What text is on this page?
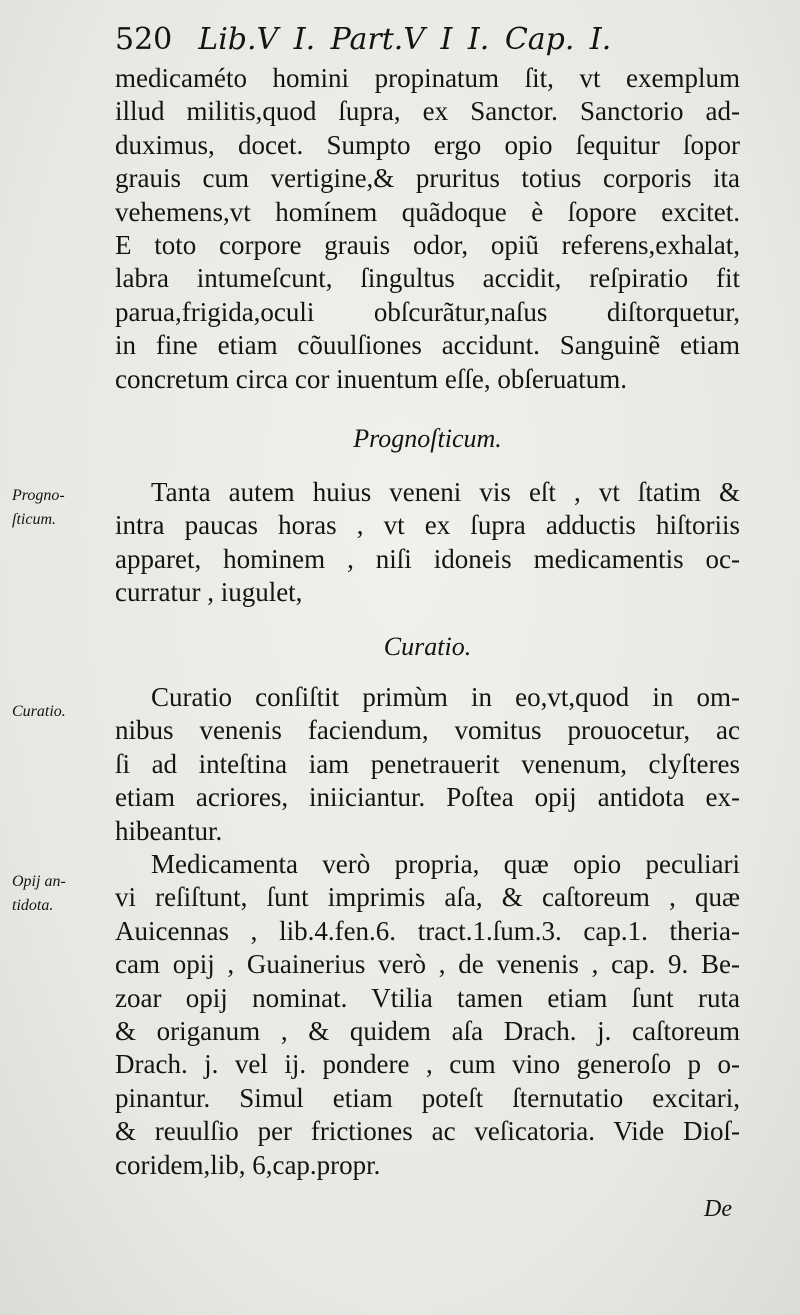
520 Lib.V I. Part.V I I. Cap. I.
medicaméto homini propinatum ſit, vt exemplum
illud militis,quod ſupra, ex Sanctor. Sanctorio ad-
duximus, docet. Sumpto ergo opio ſequitur ſopor
grauis cum vertigine,& pruritus totius corporis ita
vehemens,vt homínem quãdoque è ſopore excitet.
E toto corpore grauis odor, opiũ referens,exhalat,
labra intumeſcunt, ſingultus accidit, reſpiratio fit
parua,frigida,oculi obſcurãtur,naſus diſtorquetur,
in fine etiam cõuulſiones accidunt. Sanguinẽ etiam
concretum circa cor inuentum eſſe, obſeruatum.
Prognoſticum.
Progno-
ſticum.
Tanta autem huius veneni vis eſt , vt ſtatim &
intra paucas horas , vt ex ſupra adductis hiſtoriis
apparet, hominem , niſi idoneis medicamentis oc-
curratur , iugulet,
Curatio.
Curatio.	Curatio conſiſtit primùm in eo,vt,quod in om-
nibus venenis faciendum, vomitus prouocetur, ac
ſi ad inteſtina iam penetrauerit venenum, clyſteres
etiam acriores, iniiciantur. Poſtea opij antidota ex-
hibeantur.
Opij an-
tidota.
Medicamenta verò propria, quæ opio peculiari
vi reſiſtunt, ſunt imprimis aſa, & caſtoreum , quæ
Auicennas , lib.4.fen.6. tract.1.ſum.3. cap.1. theria-
cam opij , Guainerius verò , de venenis , cap. 9. Be-
zoar opij nominat. Vtilia tamen etiam ſunt ruta
& origanum , & quidem aſa Drach. j. caſtoreum
Drach. j. vel ij. pondere , cum vino generoſo p o-
pinantur. Simul etiam poteſt ſternutatio excitari,
& reuulſio per frictiones ac veſicatoria. Vide Dioſ-
coridem,lib, 6,cap.propr.
De
